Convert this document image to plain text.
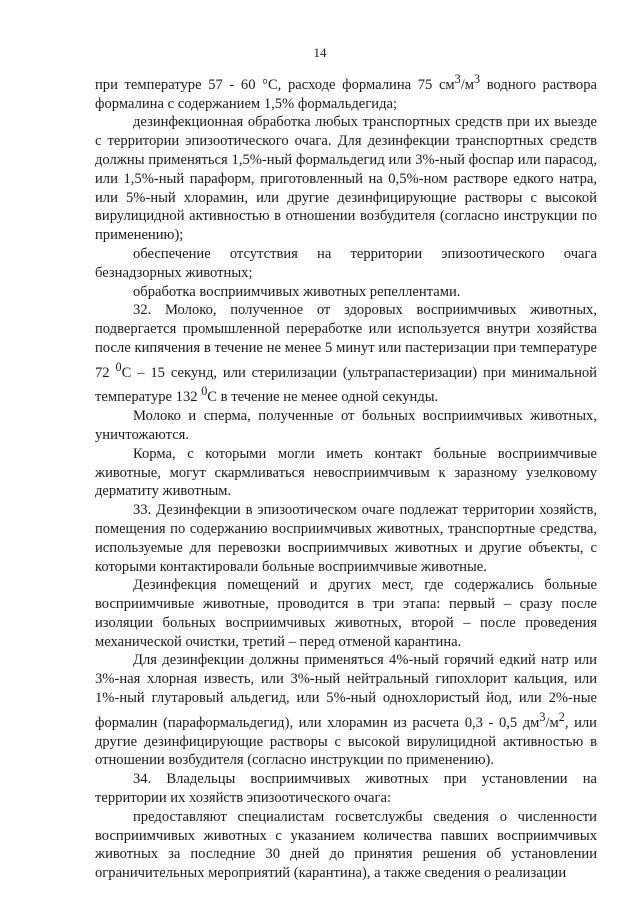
14

при температуре 57 - 60 °С, расходе формалина 75 $см^3/м^3$ водного раствора формалина с содержанием 1,5% формальдегида;

дезинфекционная обработка любых транспортных средств при их выезде с территории эпизоотического очага. Для дезинфекции транспортных средств должны применяться 1,5%-ный формальдегид или 3%-ный фоспар или парасод, или 1,5%-ный параформ, приготовленный на 0,5%-ном растворе едкого натра, или 5%-ный хлорамин, или другие дезинфицирующие растворы с высокой вирулицидной активностью в отношении возбудителя (согласно инструкции по применению);

обеспечение отсутствия на территории эпизоотического очага безнадзорных животных;

обработка восприимчивых животных репеллентами.

32. Молоко, полученное от здоровых восприимчивых животных, подвергается промышленной переработке или используется внутри хозяйства после кипячения в течение не менее 5 минут или пастеризации при температуре 72 $^0$С – 15 секунд, или стерилизации (ультрапастеризации) при минимальной температуре 132 $^0$С в течение не менее одной секунды.

Молоко и сперма, полученные от больных восприимчивых животных, уничтожаются.

Корма, с которыми могли иметь контакт больные восприимчивые животные, могут скармливаться невосприимчивым к заразному узелковому дерматиту животным.

33. Дезинфекции в эпизоотическом очаге подлежат территории хозяйств, помещения по содержанию восприимчивых животных, транспортные средства, используемые для перевозки восприимчивых животных и другие объекты, с которыми контактировали больные восприимчивые животные.

Дезинфекция помещений и других мест, где содержались больные восприимчивые животные, проводится в три этапа: первый – сразу после изоляции больных восприимчивых животных, второй – после проведения механической очистки, третий – перед отменой карантина.

Для дезинфекции должны применяться 4%-ный горячий едкий натр или 3%-ная хлорная известь, или 3%-ный нейтральный гипохлорит кальция, или 1%-ный глутаровый альдегид, или 5%-ный однохлористый йод, или 2%-ные формалин (параформальдегид), или хлорамин из расчета 0,3 - 0,5 $дм^3/м^2$, или другие дезинфицирующие растворы с высокой вирулицидной активностью в отношении возбудителя (согласно инструкции по применению).

34. Владельцы восприимчивых животных при установлении на территории их хозяйств эпизоотического очага:

предоставляют специалистам госветслужбы сведения о численности восприимчивых животных с указанием количества павших восприимчивых животных за последние 30 дней до принятия решения об установлении ограничительных мероприятий (карантина), а также сведения о реализации
